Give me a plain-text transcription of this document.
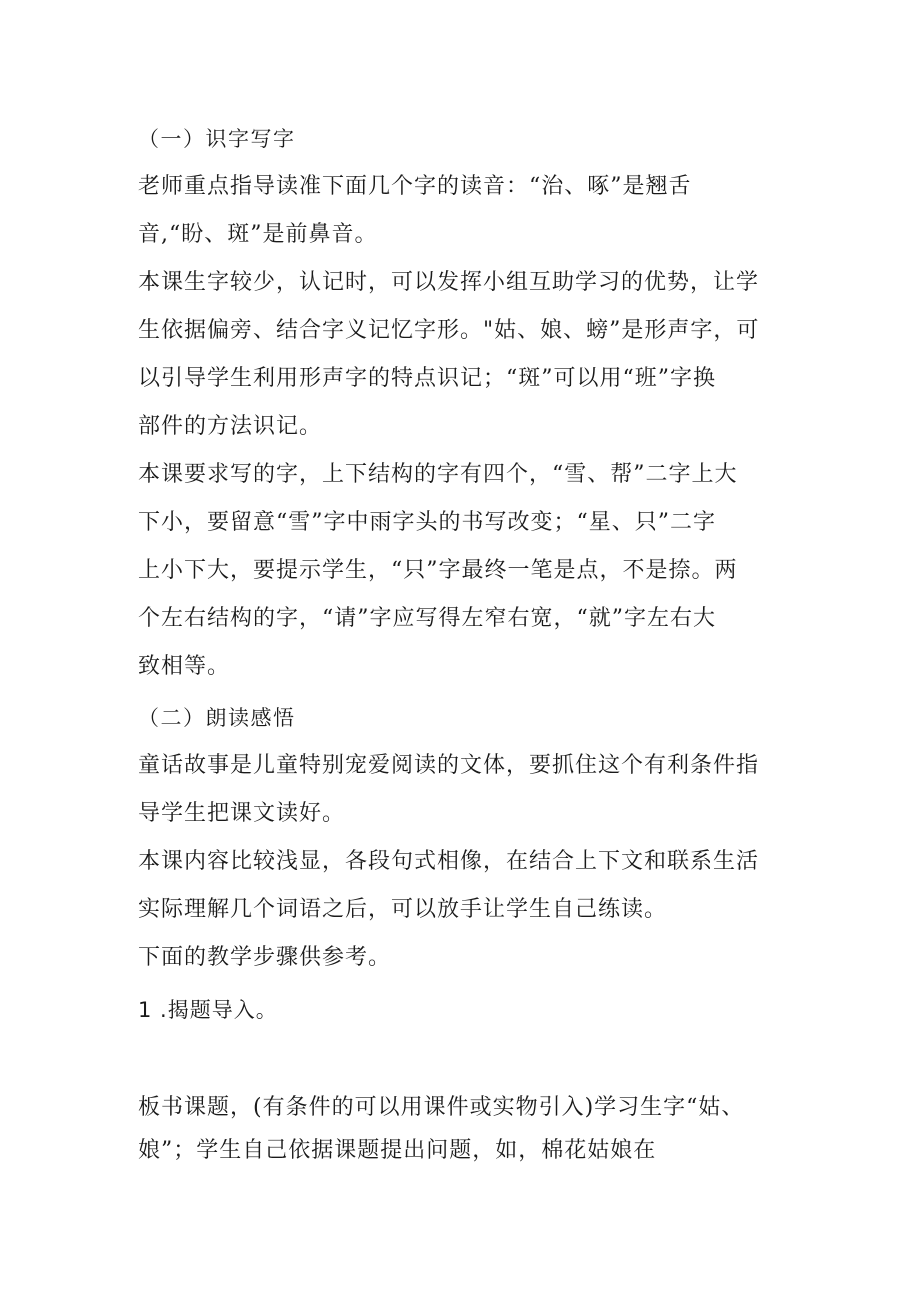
（一）识字写字
老师重点指导读准下面几个字的读音：“治、啄”是翘舌
音,“盼、斑”是前鼻音。
本课生字较少，认记时，可以发挥小组互助学习的优势，让学
生依据偏旁、结合字义记忆字形。"姑、娘、螃”是形声字，可
以引导学生利用形声字的特点识记；“斑”可以用“班”字换
部件的方法识记。
本课要求写的字，上下结构的字有四个，“雪、帮”二字上大
下小，要留意“雪”字中雨字头的书写改变；“星、只”二字
上小下大，要提示学生，“只”字最终一笔是点，不是捺。两
个左右结构的字，“请”字应写得左窄右宽，“就”字左右大
致相等。
（二）朗读感悟
童话故事是儿童特别宠爱阅读的文体，要抓住这个有利条件指
导学生把课文读好。
本课内容比较浅显，各段句式相像，在结合上下文和联系生活
实际理解几个词语之后，可以放手让学生自己练读。
下面的教学步骤供参考。
1 .揭题导入。
板书课题，(有条件的可以用课件或实物引入)学习生字“姑、
娘”；学生自己依据课题提出问题，如，棉花姑娘在
